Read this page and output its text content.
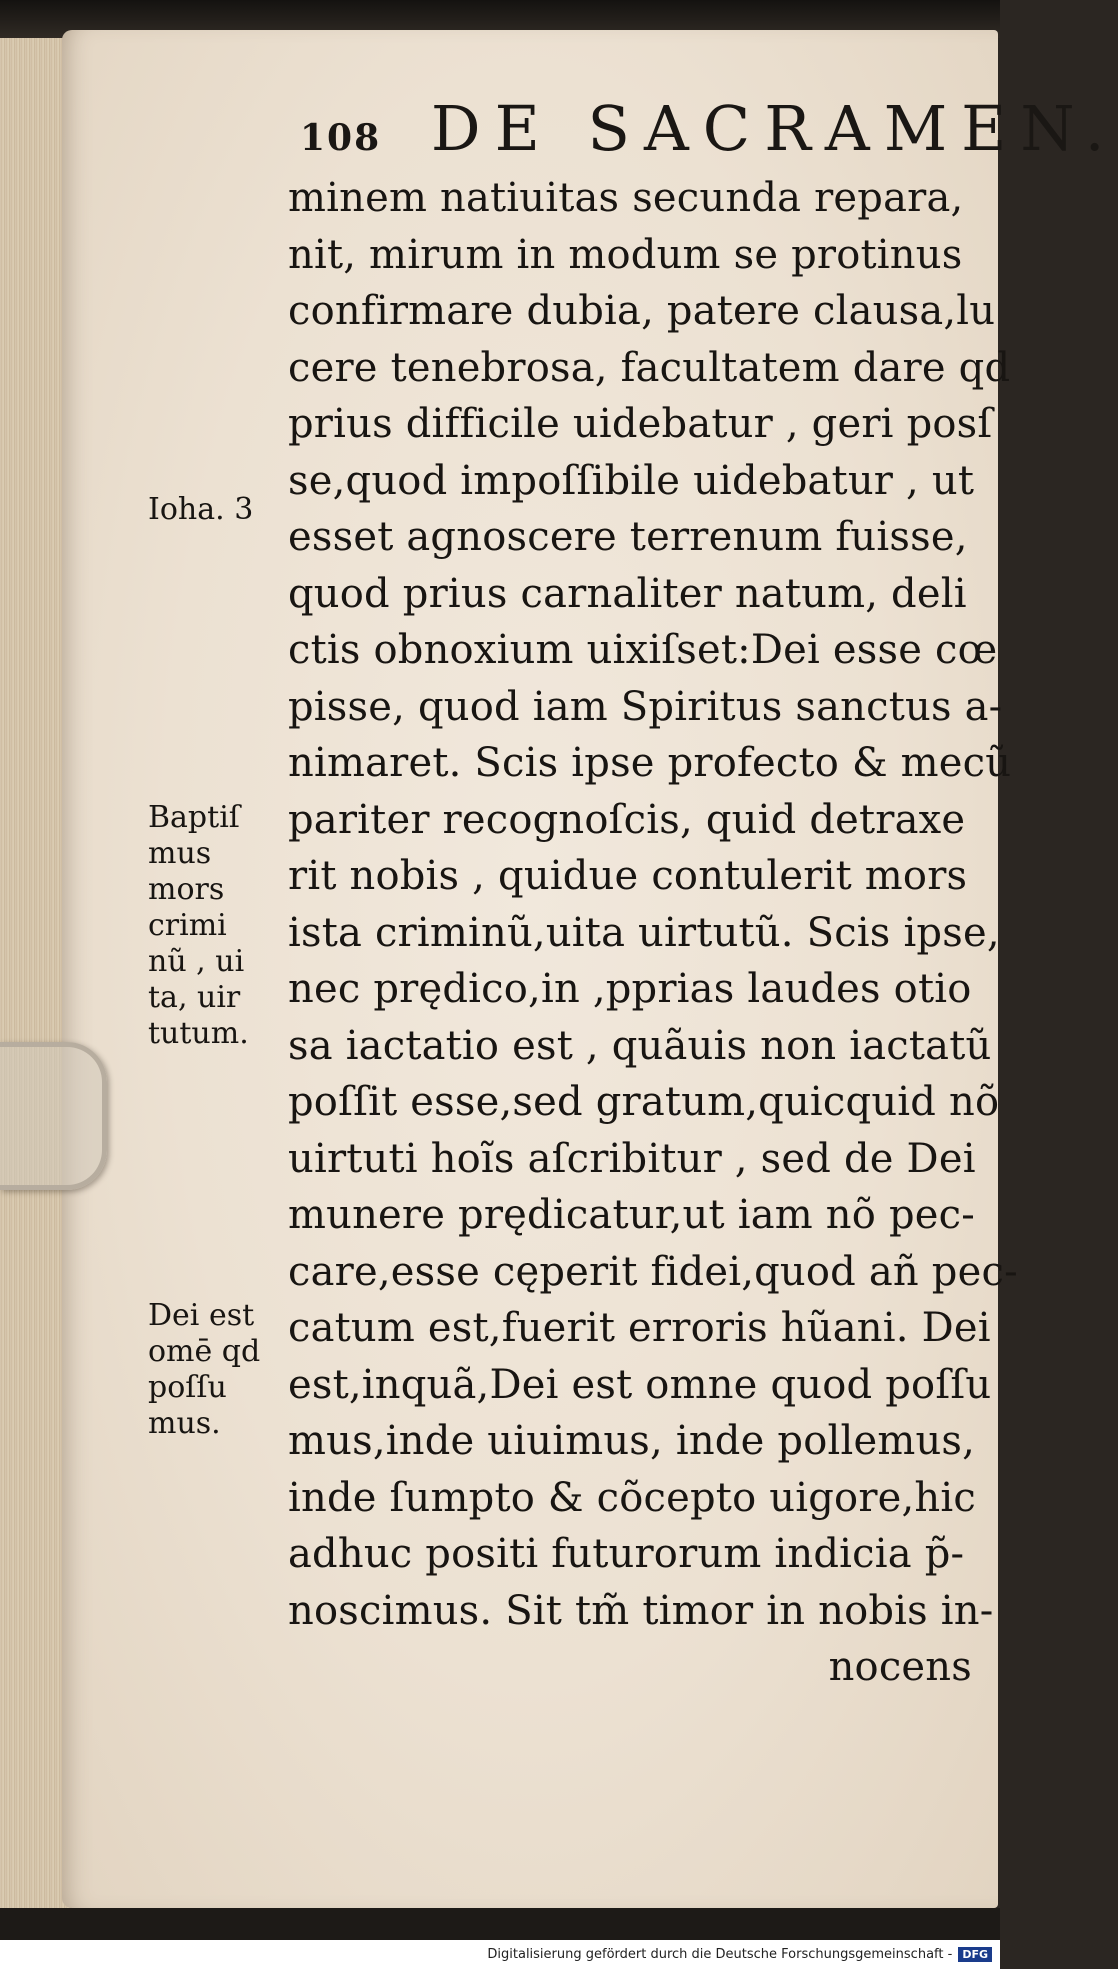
108 DE SACRAMEN.
minem natiuitas secunda repara,
nit, mirum in modum se protinus
confirmare dubia, patere clausa,lu
cere tenebrosa, facultatem dare qd
prius difficile uidebatur , geri posſ
se,quod impoſſibile uidebatur , ut
esset agnoscere terrenum fuisse,
quod prius carnaliter natum, deli
ctis obnoxium uixiſset:Dei esse cœ
pisse, quod iam Spiritus sanctus a-
nimaret. Scis ipse profecto & mecũ
pariter recognoſcis, quid detraxe
rit nobis , quidue contulerit mors
ista criminũ,uita uirtutũ. Scis ipse,
nec prędico,in ,pprias laudes otio
sa iactatio est , quãuis non iactatũ
poſſit esse,sed gratum,quicquid nõ
uirtuti hoĩs aſcribitur , sed de Dei
munere prędicatur,ut iam nõ pec-
care,esse cęperit fidei,quod añ pec-
catum est,fuerit erroris hũani. Dei
est,inquã,Dei est omne quod poſſu
mus,inde uiuimus, inde pollemus,
inde ſumpto & cõcepto uigore,hic
adhuc positi futurorum indicia p̃-
noscimus. Sit tm̃ timor in nobis in-
nocens
Ioha. 3
Baptiſ
mus
mors
crimi
nũ , ui
ta, uir
tutum.
Dei est
omē qd
poſſu
mus.
Digitalisierung gefördert durch die Deutsche Forschungsgemeinschaft - DFG
